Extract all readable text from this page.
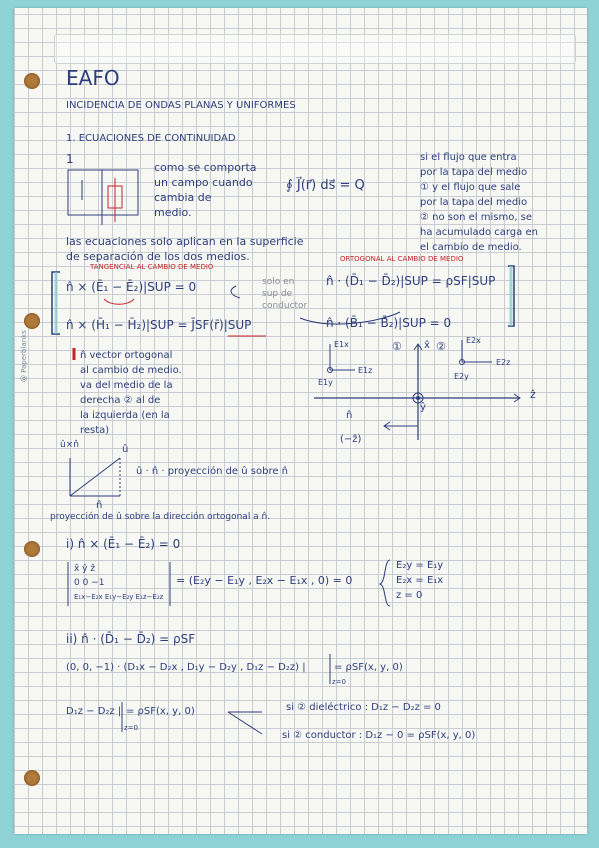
@ Paperblanks
EAFO
INCIDENCIA DE ONDAS PLANAS Y UNIFORMES
1. ECUACIONES DE CONTINUIDAD
1
como se comporta
un campo cuando
cambia de
medio.
∮ J⃗(r⃗) ds⃗ = Q
si el flujo que entra
por la tapa del medio
① y el flujo que sale
por la tapa del medio
② no son el mismo, se
ha acumulado carga en
el cambio de medio.
las ecuaciones solo aplican en la superficie
de separación de los dos medios.
TANGENCIAL AL CAMBIO DE MEDIO
ORTOGONAL AL CAMBIO DE MEDIO
n̂ × (Ē₁ − Ē₂)|SUP = 0	n̂ · (D̄₁ − D̄₂)|SUP = ρSF|SUP
solo en
sup de
conductor
n̂ × (H̄₁ − H̄₂)|SUP = J̄SF(r̄)|SUP	n̂ · (B̄₁ − B̄₂)|SUP = 0
n̂ vector ortogonal
al cambio de medio.
va del medio de la
derecha ② al de
la izquierda (en la
resta)
E1x
E1y
E1z
E2x
E2y
E2z
①	②
x̂
ŷ
ẑ
n̂
(−ẑ)
û×n̂	û
n̂
û · n̂ · proyección de û sobre n̂
proyección de û sobre la dirección ortogonal a n̂.
i) n̂ × (Ē₁ − Ē₂) = 0
x̂ ŷ ẑ
0 0 −1
E₁x−E₂x E₁y−E₂y E₁z−E₂z
= (E₂y − E₁y , E₂x − E₁x , 0) = 0
E₂y = E₁y
E₂x = E₁x
z = 0
ii) n̂ · (D̄₁ − D̄₂) = ρSF
(0, 0, −1) · (D₁x − D₂x , D₁y − D₂y , D₁z − D₂z) |	= ρSF(x, y, 0)
z=0
D₁z − D₂z | = ρSF(x, y, 0)
z=0
si ② dieléctrico : D₁z − D₂z = 0
si ② conductor : D₁z − 0 = ρSF(x, y, 0)
